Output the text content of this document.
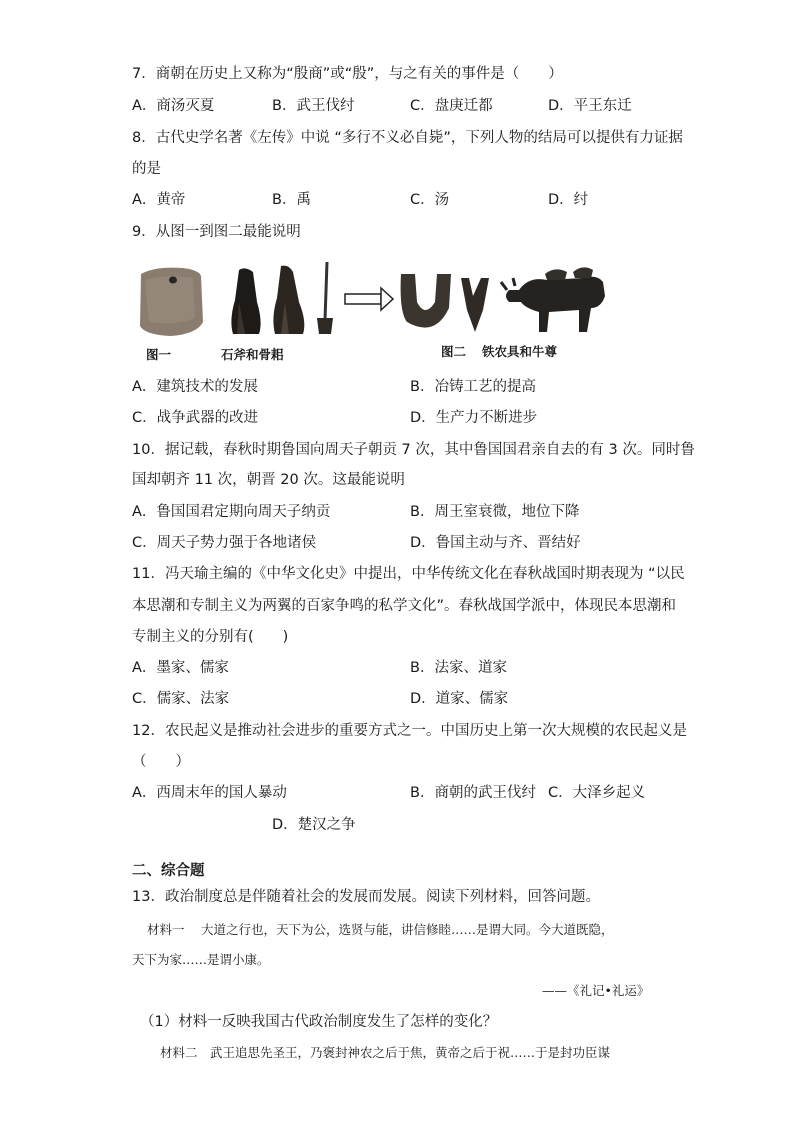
7．商朝在历史上又称为“殷商”或“殷”，与之有关的事件是（　　）
A．商汤灭夏	B．武王伐纣	C．盘庚迁都	D．平王东迁
8．古代史学名著《左传》中说 “多行不义必自毙”，下列人物的结局可以提供有力证据
的是
A．黄帝	B．禹	C．汤	D．纣
9．从图一到图二最能说明
图一	石斧和骨耜	图二 铁农具和牛尊
A．建筑技术的发展	B．冶铸工艺的提高
C．战争武器的改进	D．生产力不断进步
10．据记载，春秋时期鲁国向周天子朝贡 7 次，其中鲁国国君亲自去的有 3 次。同时鲁
国却朝齐 11 次，朝晋 20 次。这最能说明
A．鲁国国君定期向周天子纳贡	B．周王室衰微，地位下降
C．周天子势力强于各地诸侯	D．鲁国主动与齐、晋结好
11．冯天瑜主编的《中华文化史》中提出，中华传统文化在春秋战国时期表现为 “以民
本思潮和专制主义为两翼的百家争鸣的私学文化”。春秋战国学派中，体现民本思潮和
专制主义的分别有(　　)
A．墨家、儒家	B．法家、道家
C．儒家、法家	D．道家、儒家
12．农民起义是推动社会进步的重要方式之一。中国历史上第一次大规模的农民起义是
（　　）
A．西周末年的国人暴动	B．商朝的武王伐纣 C．大泽乡起义
D．楚汉之争
二、综合题
13．政治制度总是伴随着社会的发展而发展。阅读下列材料，回答问题。
材料一　 大道之行也，天下为公，选贤与能，讲信修睦……是谓大同。今大道既隐，
天下为家……是谓小康。
——《礼记•礼运》
（1）材料一反映我国古代政治制度发生了怎样的变化？
材料二　武王追思先圣王，乃褒封神农之后于焦，黄帝之后于祝……于是封功臣谋
